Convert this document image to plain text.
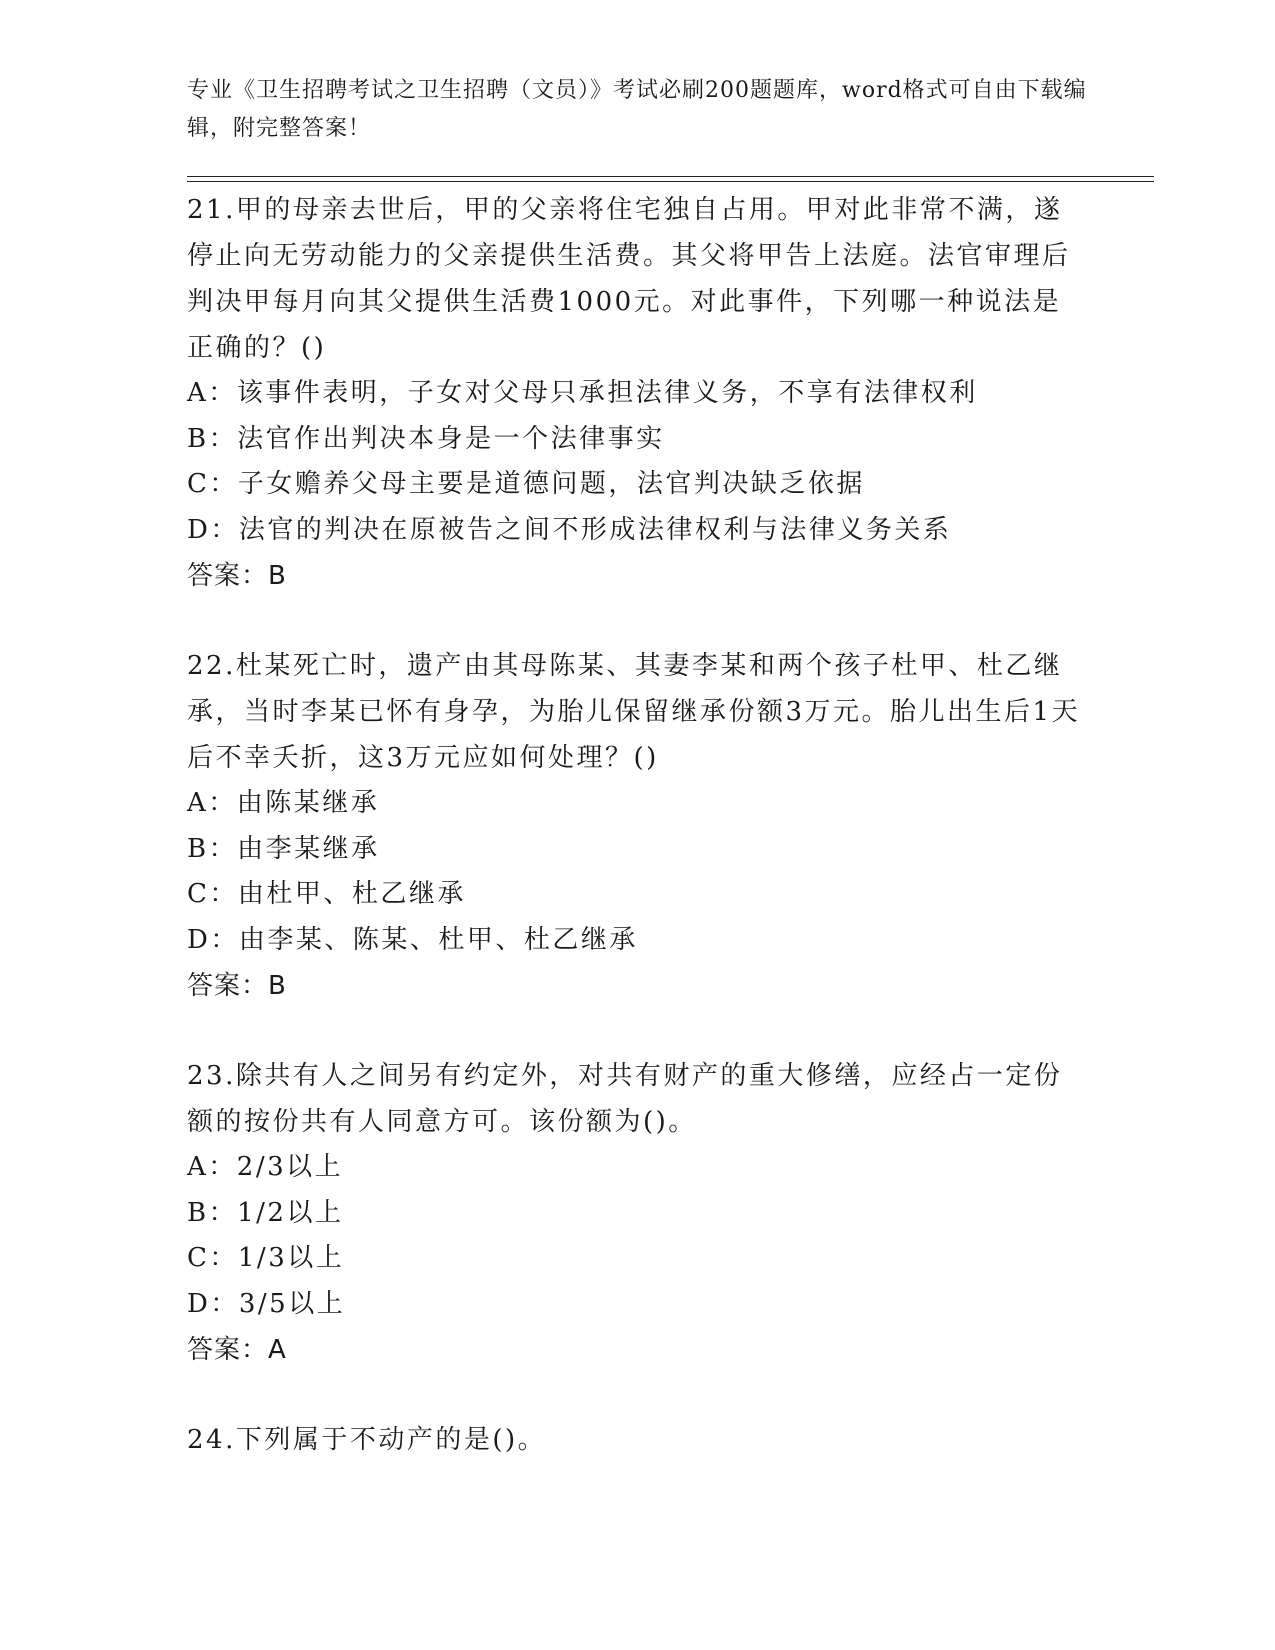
专业《卫生招聘考试之卫生招聘（文员）》考试必刷200题题库，word格式可自由下载编辑，附完整答案！
21.甲的母亲去世后，甲的父亲将住宅独自占用。甲对此非常不满，遂停止向无劳动能力的父亲提供生活费。其父将甲告上法庭。法官审理后判决甲每月向其父提供生活费1000元。对此事件，下列哪一种说法是正确的？()
A：该事件表明，子女对父母只承担法律义务，不享有法律权利
B：法官作出判决本身是一个法律事实
C：子女赡养父母主要是道德问题，法官判决缺乏依据
D：法官的判决在原被告之间不形成法律权利与法律义务关系
答案：B
22.杜某死亡时，遗产由其母陈某、其妻李某和两个孩子杜甲、杜乙继承，当时李某已怀有身孕，为胎儿保留继承份额3万元。胎儿出生后1天后不幸夭折，这3万元应如何处理？()
A：由陈某继承
B：由李某继承
C：由杜甲、杜乙继承
D：由李某、陈某、杜甲、杜乙继承
答案：B
23.除共有人之间另有约定外，对共有财产的重大修缮，应经占一定份额的按份共有人同意方可。该份额为()。
A：2/3以上
B：1/2以上
C：1/3以上
D：3/5以上
答案：A
24.下列属于不动产的是()。
